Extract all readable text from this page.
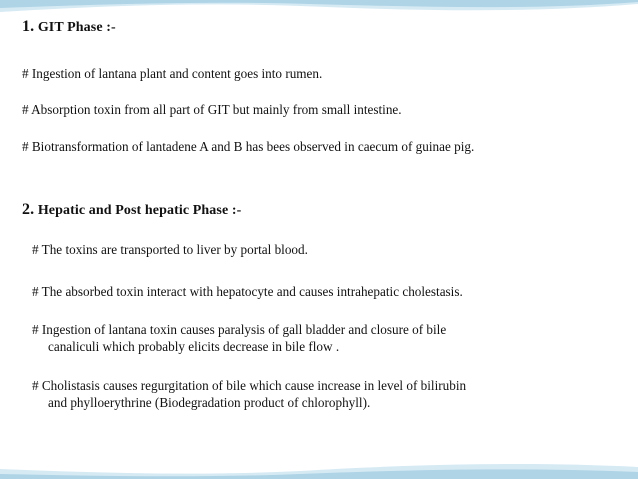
1. GIT Phase :-

# Ingestion of lantana plant and content goes into rumen.

# Absorption toxin from all part of GIT but mainly from small intestine.

# Biotransformation of lantadene A and B has bees observed in caecum of guinae pig.

2. Hepatic and Post hepatic Phase :-

# The toxins are transported to liver by portal blood.

# The absorbed toxin interact with hepatocyte and causes intrahepatic cholestasis.

# Ingestion of lantana toxin causes paralysis of gall bladder and closure of bile

canaliculi which probably elicits decrease in bile flow .

# Cholistasis causes regurgitation of bile which cause increase in level of bilirubin

and phylloerythrine (Biodegradation product of chlorophyll).
